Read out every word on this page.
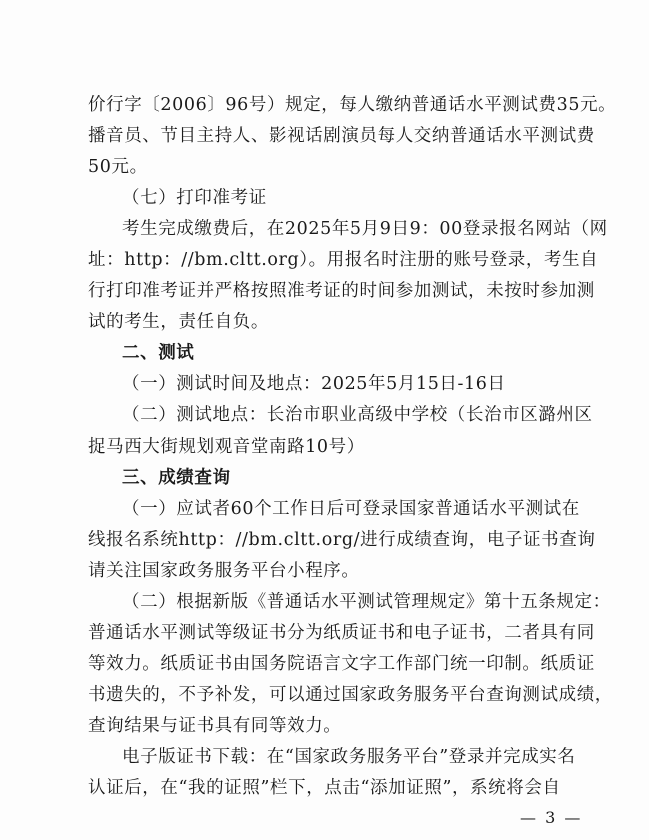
价行字〔2006〕96号）规定，每人缴纳普通话水平测试费35元。
播音员、节目主持人、影视话剧演员每人交纳普通话水平测试费
50元。
（七）打印准考证
考生完成缴费后，在2025年5月9日9：00登录报名网站（网
址：http：//bm.cltt.org）。用报名时注册的账号登录，考生自
行打印准考证并严格按照准考证的时间参加测试，未按时参加测
试的考生，责任自负。
二、测试
（一）测试时间及地点：2025年5月15日-16日
（二）测试地点：长治市职业高级中学校（长治市区潞州区
捉马西大街规划观音堂南路10号）
三、成绩查询
（一）应试者60个工作日后可登录国家普通话水平测试在
线报名系统http：//bm.cltt.org/进行成绩查询，电子证书查询
请关注国家政务服务平台小程序。
（二）根据新版《普通话水平测试管理规定》第十五条规定：
普通话水平测试等级证书分为纸质证书和电子证书，二者具有同
等效力。纸质证书由国务院语言文字工作部门统一印制。纸质证
书遗失的，不予补发，可以通过国家政务服务平台查询测试成绩，
查询结果与证书具有同等效力。
电子版证书下载：在“国家政务服务平台”登录并完成实名
认证后，在“我的证照”栏下，点击“添加证照”，系统将会自
— 3 —
